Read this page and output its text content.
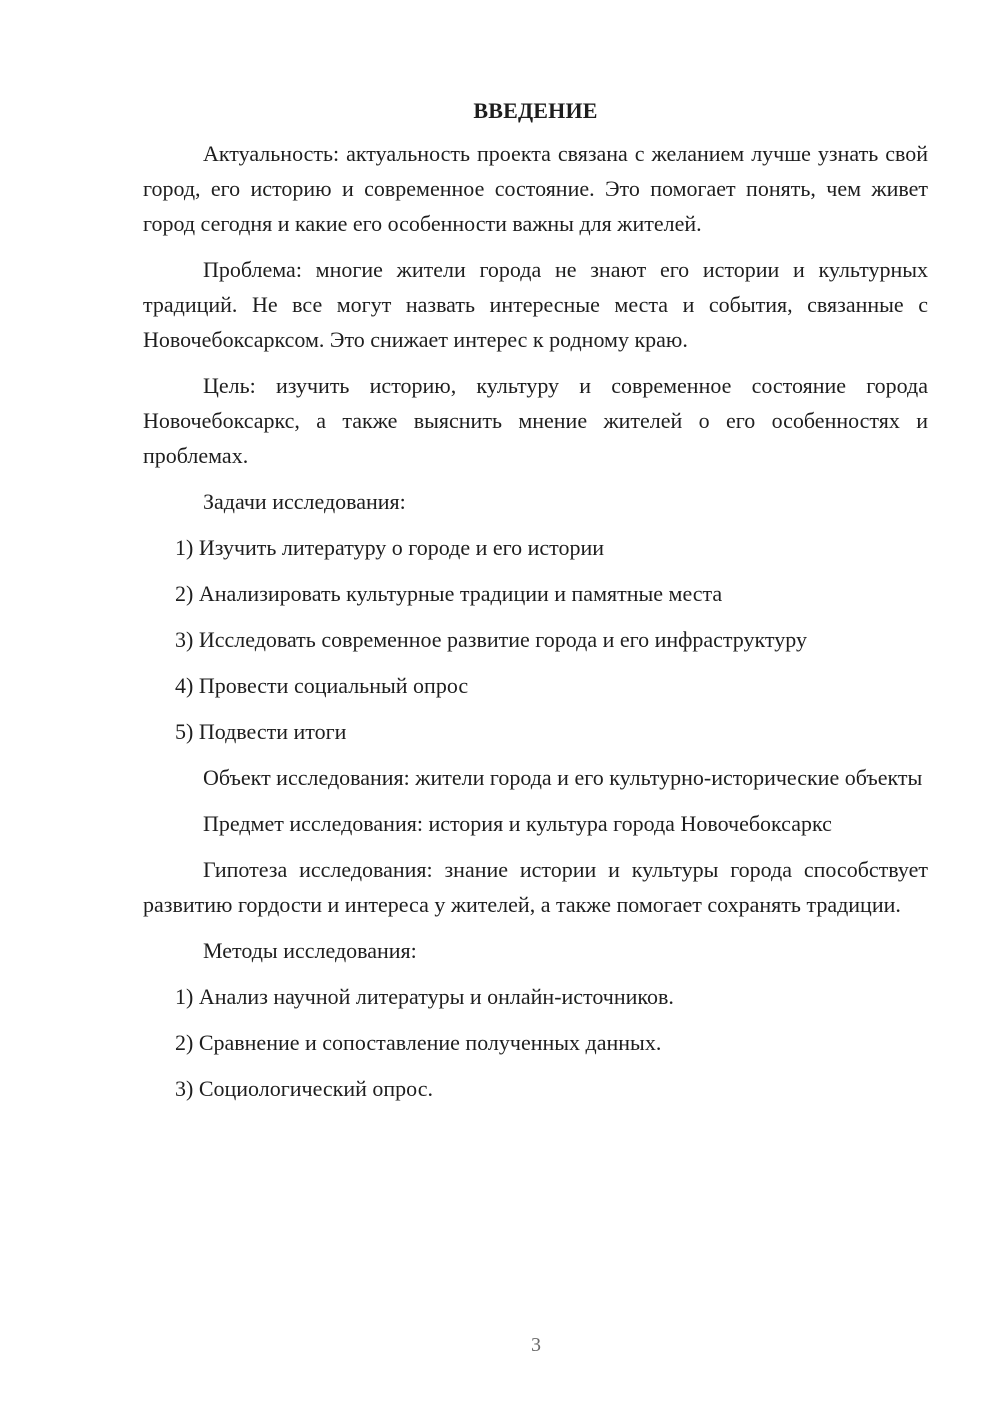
ВВЕДЕНИЕ

Актуальность: актуальность проекта связана с желанием лучше узнать свой город, его историю и современное состояние. Это помогает понять, чем живет город сегодня и какие его особенности важны для жителей.

Проблема: многие жители города не знают его истории и культурных традиций. Не все могут назвать интересные места и события, связанные с Новочебоксарксом. Это снижает интерес к родному краю.

Цель: изучить историю, культуру и современное состояние города Новочебоксаркс, а также выяснить мнение жителей о его особенностях и проблемах.

Задачи исследования:

1) Изучить литературу о городе и его истории
2) Анализировать культурные традиции и памятные места
3) Исследовать современное развитие города и его инфраструктуру
4) Провести социальный опрос
5) Подвести итоги

Объект исследования: жители города и его культурно-исторические объекты

Предмет исследования: история и культура города Новочебоксаркс

Гипотеза исследования: знание истории и культуры города способствует развитию гордости и интереса у жителей, а также помогает сохранять традиции.

Методы исследования:

1) Анализ научной литературы и онлайн-источников.
2) Сравнение и сопоставление полученных данных.
3) Социологический опрос.
3
